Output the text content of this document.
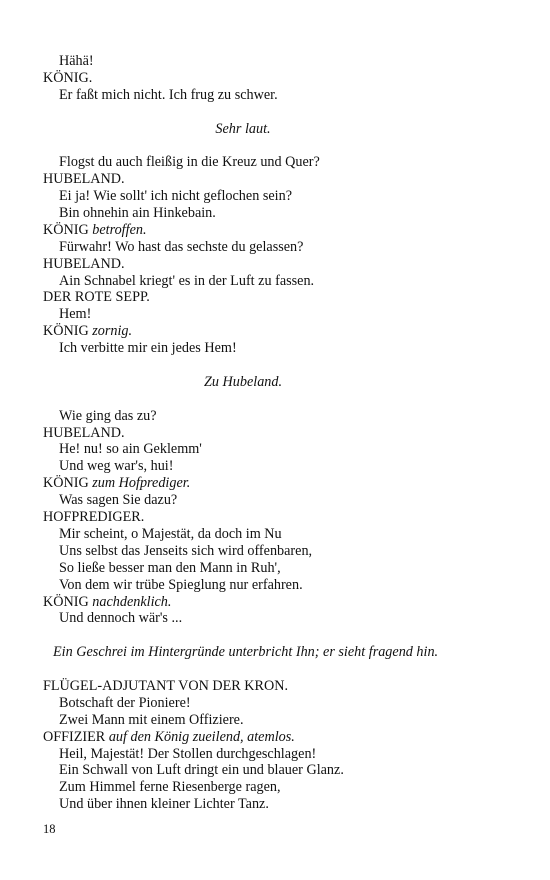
Hähä!
KÖNIG.
Er faßt mich nicht. Ich frug zu schwer.
Sehr laut.
Flogst du auch fleißig in die Kreuz und Quer?
HUBELAND.
Ei ja! Wie sollt' ich nicht geflochen sein?
Bin ohnehin ain Hinkebain.
KÖNIG betroffen.
Fürwahr! Wo hast das sechste du gelassen?
HUBELAND.
Ain Schnabel kriegt' es in der Luft zu fassen.
DER ROTE SEPP.
Hem!
KÖNIG zornig.
Ich verbitte mir ein jedes Hem!
Zu Hubeland.
Wie ging das zu?
HUBELAND.
He! nu! so ain Geklemm'
Und weg war's, hui!
KÖNIG zum Hofprediger.
Was sagen Sie dazu?
HOFPREDIGER.
Mir scheint, o Majestät, da doch im Nu
Uns selbst das Jenseits sich wird offenbaren,
So ließe besser man den Mann in Ruh',
Von dem wir trübe Spieglung nur erfahren.
KÖNIG nachdenklich.
Und dennoch wär's ...
Ein Geschrei im Hintergründe unterbricht Ihn; er sieht fragend hin.
FLÜGEL-ADJUTANT VON DER KRON.
Botschaft der Pioniere!
Zwei Mann mit einem Offiziere.
OFFIZIER auf den König zueilend, atemlos.
Heil, Majestät! Der Stollen durchgeschlagen!
Ein Schwall von Luft dringt ein und blauer Glanz.
Zum Himmel ferne Riesenberge ragen,
Und über ihnen kleiner Lichter Tanz.
18
